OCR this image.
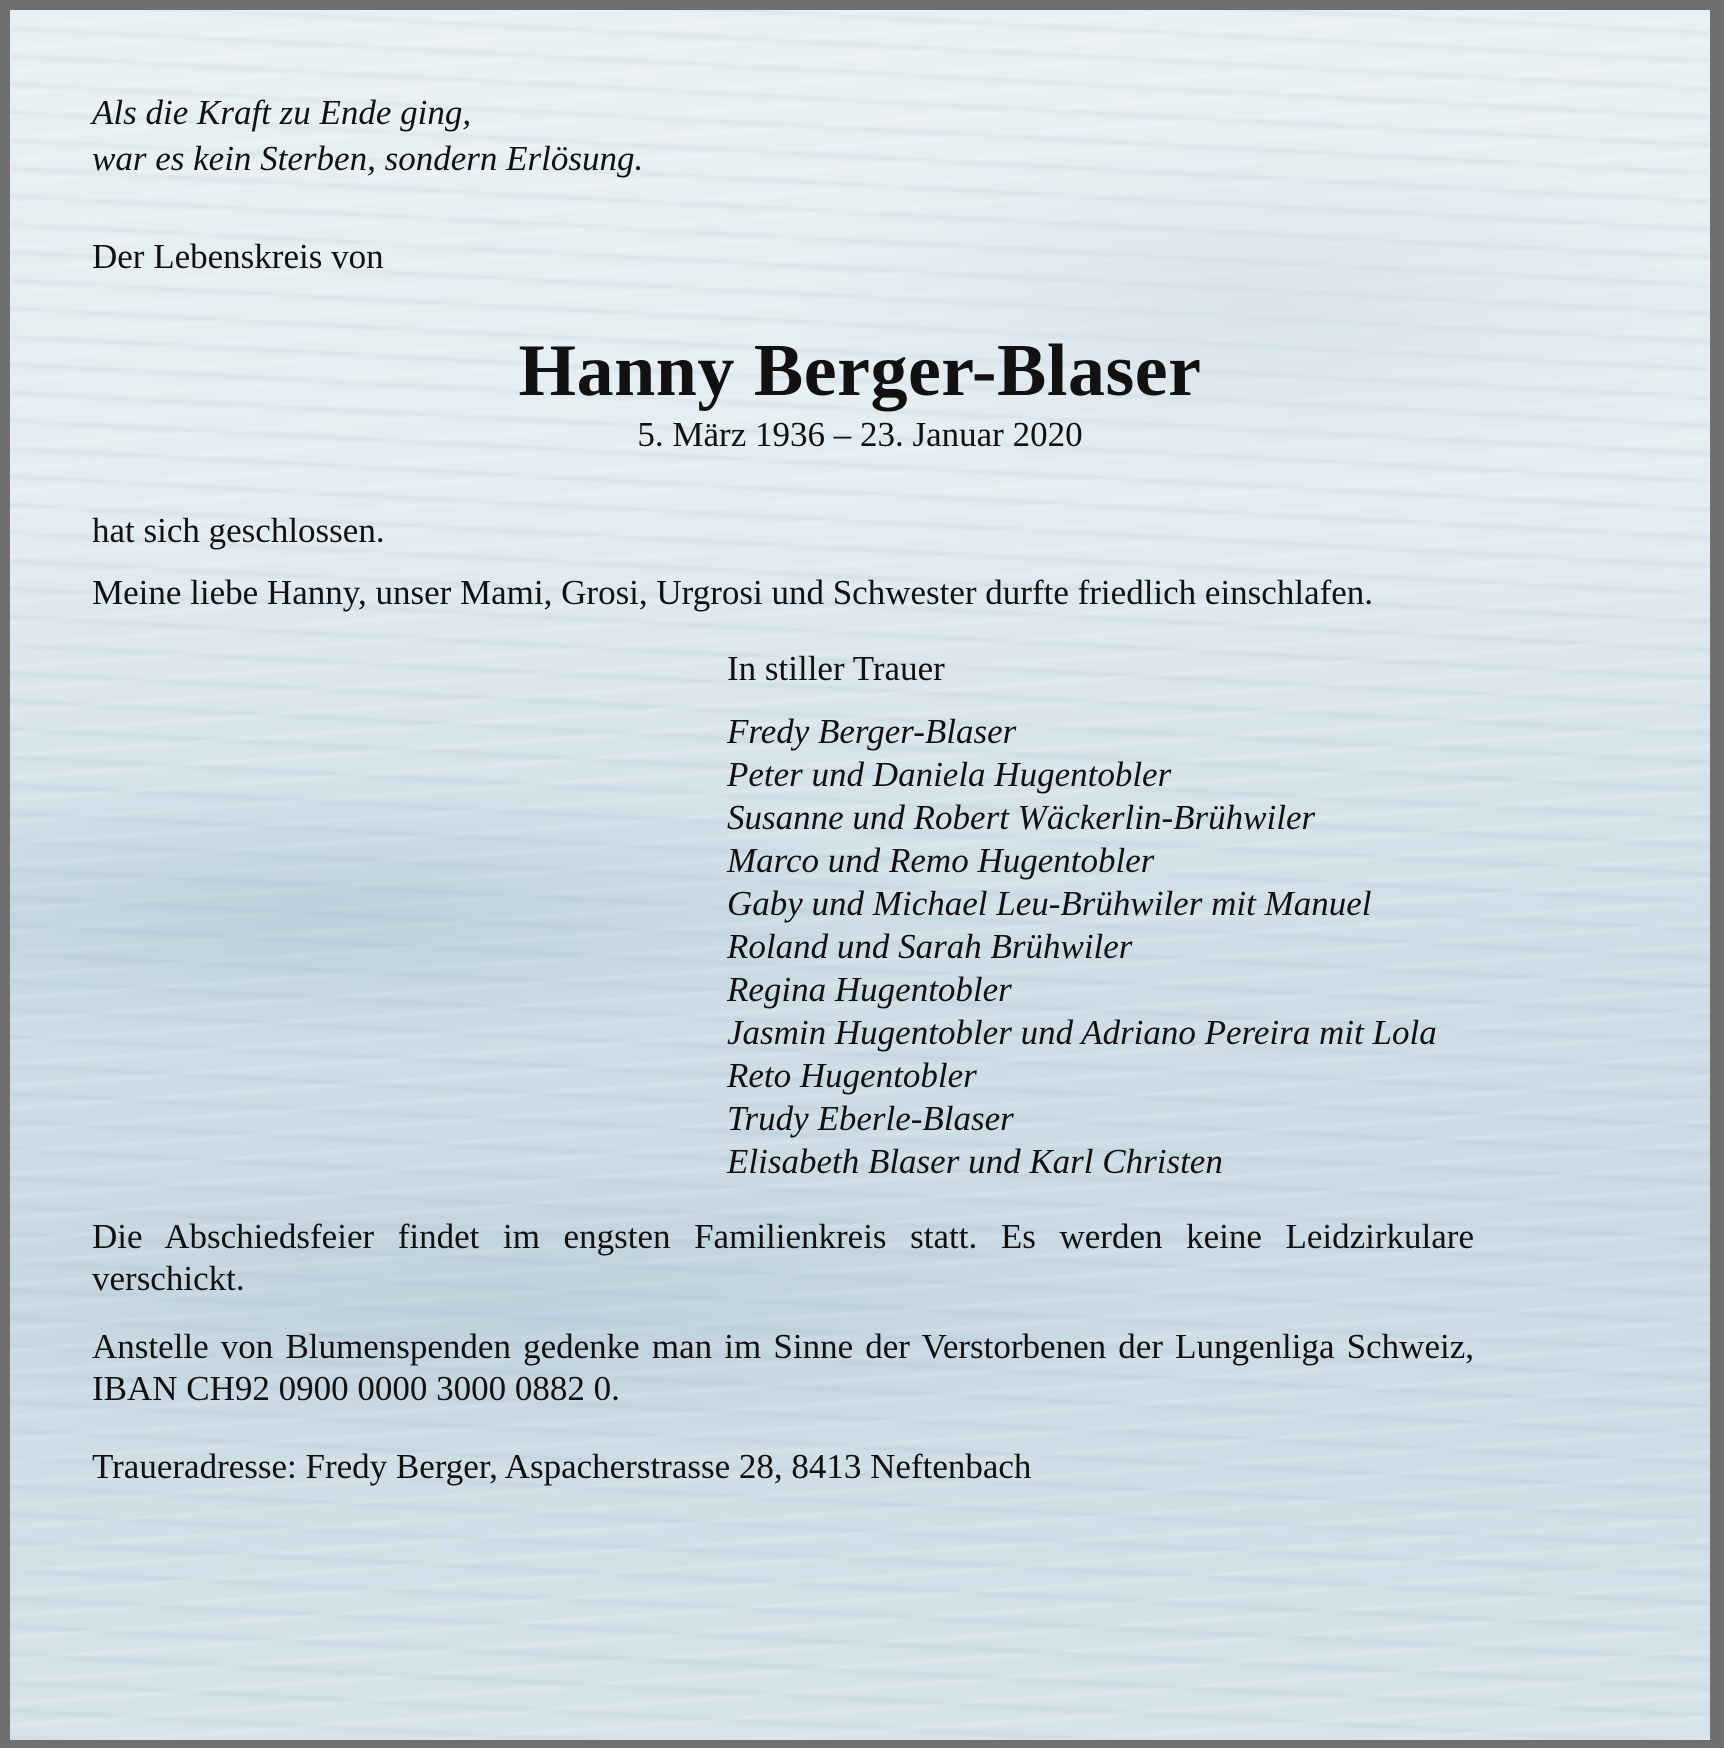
Als die Kraft zu Ende ging,
war es kein Sterben, sondern Erlösung.
Der Lebenskreis von
Hanny Berger-Blaser
5. März 1936 – 23. Januar 2020
hat sich geschlossen.
Meine liebe Hanny, unser Mami, Grosi, Urgrosi und Schwester durfte friedlich einschlafen.
In stiller Trauer
Fredy Berger-Blaser
Peter und Daniela Hugentobler
Susanne und Robert Wäckerlin-Brühwiler
Marco und Remo Hugentobler
Gaby und Michael Leu-Brühwiler mit Manuel
Roland und Sarah Brühwiler
Regina Hugentobler
Jasmin Hugentobler und Adriano Pereira mit Lola
Reto Hugentobler
Trudy Eberle-Blaser
Elisabeth Blaser und Karl Christen
Die Abschiedsfeier findet im engsten Familienkreis statt. Es werden keine Leidzirkulare verschickt.
Anstelle von Blumenspenden gedenke man im Sinne der Verstorbenen der Lungenliga Schweiz, IBAN CH92 0900 0000 3000 0882 0.
Traueradresse: Fredy Berger, Aspacherstrasse 28, 8413 Neftenbach
